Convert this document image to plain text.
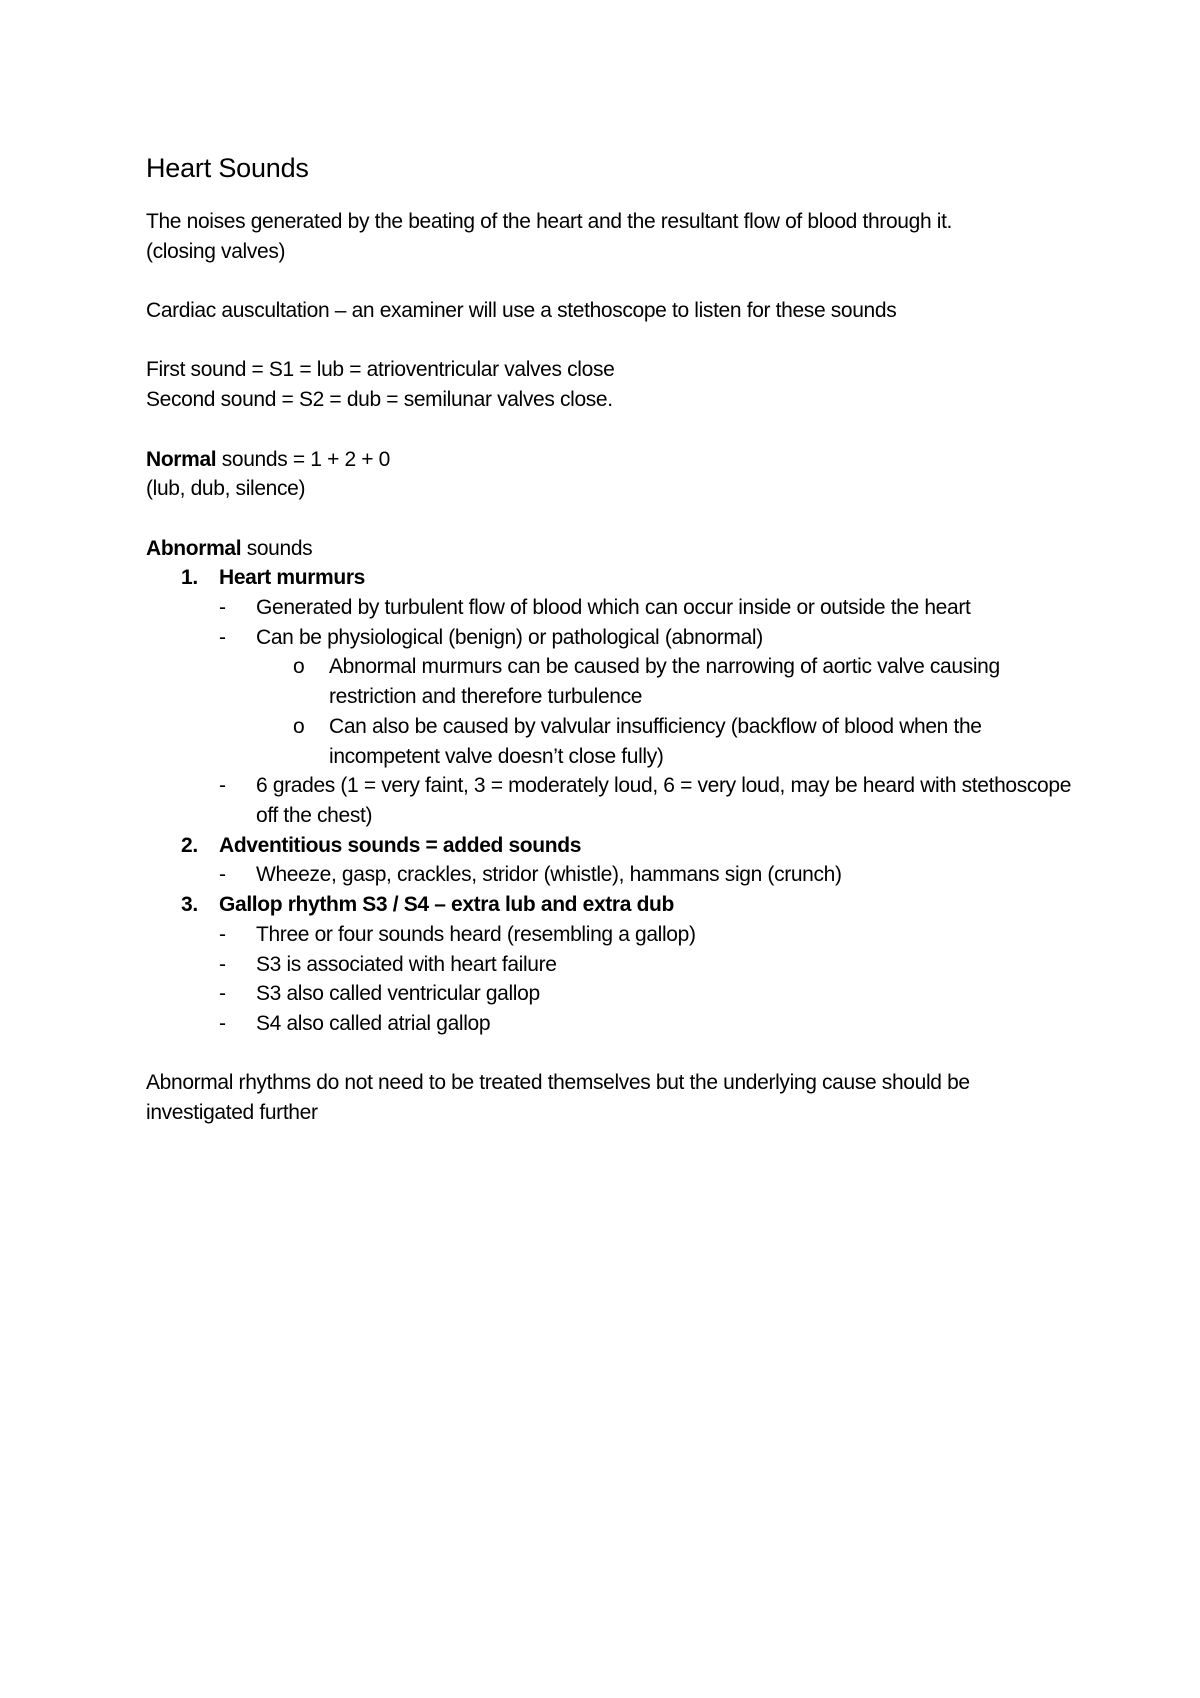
Heart Sounds

The noises generated by the beating of the heart and the resultant flow of blood through it.

(closing valves)

Cardiac auscultation – an examiner will use a stethoscope to listen for these sounds

First sound = S1 = lub = atrioventricular valves close

Second sound = S2 = dub = semilunar valves close.

Normal sounds = 1 + 2 + 0

(lub, dub, silence)

Abnormal sounds

1. Heart murmurs
- Generated by turbulent flow of blood which can occur inside or outside the heart
- Can be physiological (benign) or pathological (abnormal)
o Abnormal murmurs can be caused by the narrowing of aortic valve causing restriction and therefore turbulence
o Can also be caused by valvular insufficiency (backflow of blood when the incompetent valve doesn’t close fully)
- 6 grades (1 = very faint, 3 = moderately loud, 6 = very loud, may be heard with stethoscope off the chest)
2. Adventitious sounds = added sounds
- Wheeze, gasp, crackles, stridor (whistle), hammans sign (crunch)
3. Gallop rhythm S3 / S4 – extra lub and extra dub
- Three or four sounds heard (resembling a gallop)
- S3 is associated with heart failure
- S3 also called ventricular gallop
- S4 also called atrial gallop

Abnormal rhythms do not need to be treated themselves but the underlying cause should be investigated further
